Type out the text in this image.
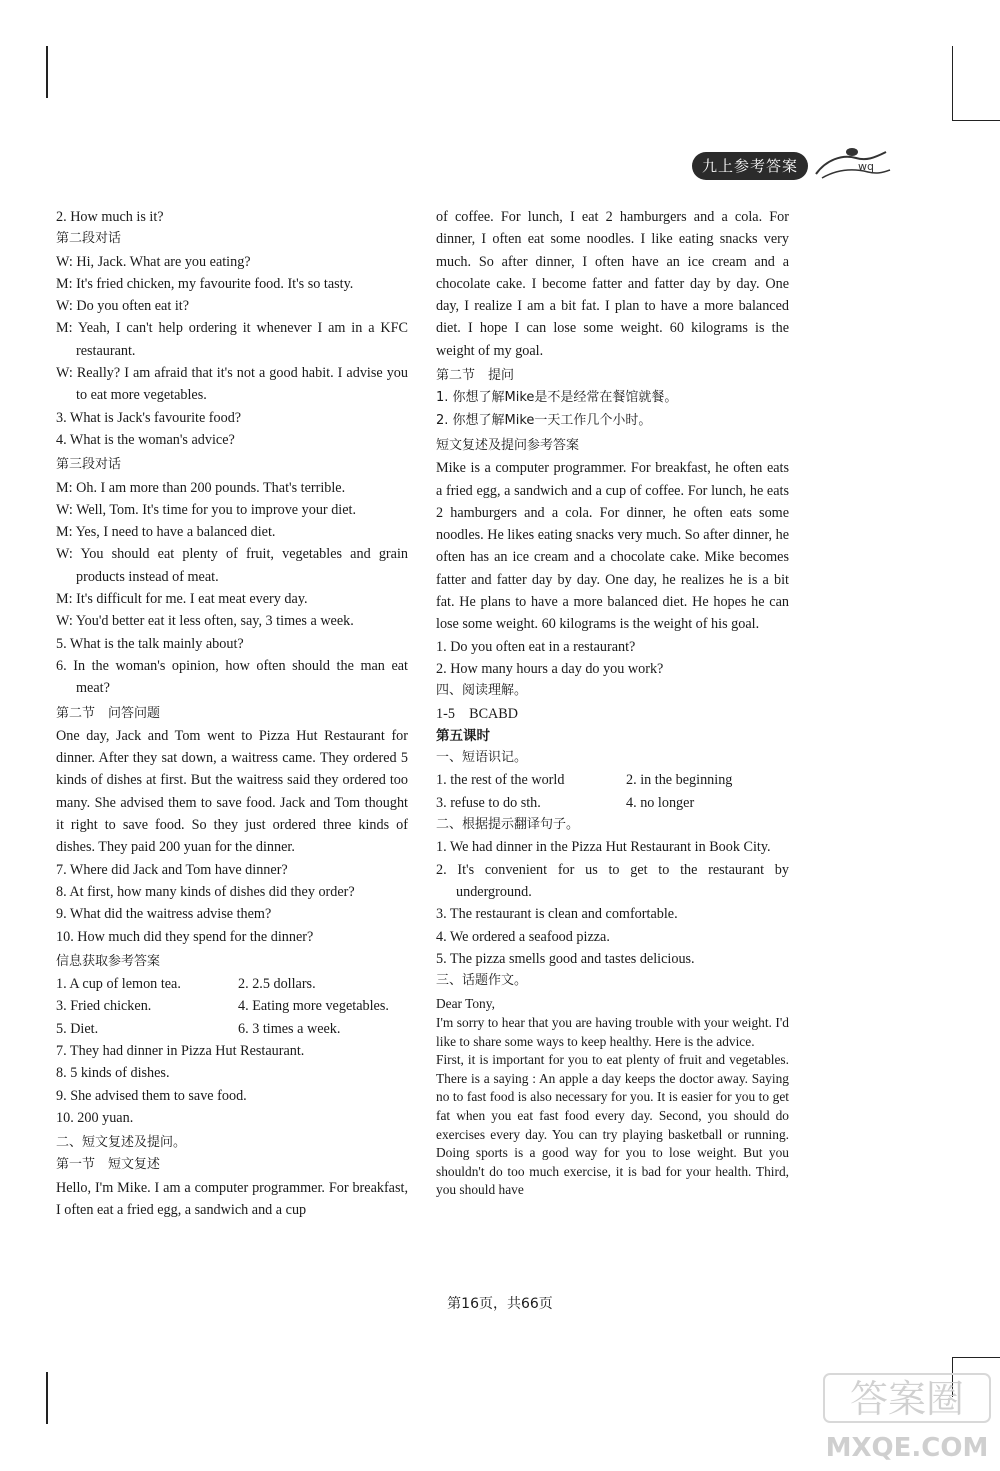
九上参考答案	wq

2. How much is it?

第二段对话

W: Hi, Jack. What are you eating?

M: It's fried chicken, my favourite food. It's so tasty.

W: Do you often eat it?

M: Yeah, I can't help ordering it whenever I am in a KFC restaurant.

W: Really? I am afraid that it's not a good habit. I advise you to eat more vegetables.

3. What is Jack's favourite food?

4. What is the woman's advice?

第三段对话

M: Oh. I am more than 200 pounds. That's terrible.

W: Well, Tom. It's time for you to improve your diet.

M: Yes, I need to have a balanced diet.

W: You should eat plenty of fruit, vegetables and grain products instead of meat.

M: It's difficult for me. I eat meat every day.

W: You'd better eat it less often, say, 3 times a week.

5. What is the talk mainly about?

6. In the woman's opinion, how often should the man eat meat?

第二节　问答问题

One day, Jack and Tom went to Pizza Hut Restaurant for dinner. After they sat down, a waitress came. They ordered 5 kinds of dishes at first. But the waitress said they ordered too many. She advised them to save food. Jack and Tom thought it right to save food. So they just ordered three kinds of dishes. They paid 200 yuan for the dinner.

7. Where did Jack and Tom have dinner?

8. At first, how many kinds of dishes did they order?

9. What did the waitress advise them?

10. How much did they spend for the dinner?

信息获取参考答案

1. A cup of lemon tea.	2. 2.5 dollars.
3. Fried chicken.	4. Eating more vegetables.
5. Diet.	6. 3 times a week.

7. They had dinner in Pizza Hut Restaurant.

8. 5 kinds of dishes.

9. She advised them to save food.

10. 200 yuan.

二、短文复述及提问。

第一节　短文复述

Hello, I'm Mike. I am a computer programmer. For breakfast, I often eat a fried egg, a sandwich and a cup

of coffee. For lunch, I eat 2 hamburgers and a cola. For dinner, I often eat some noodles. I like eating snacks very much. So after dinner, I often have an ice cream and a chocolate cake. I become fatter and fatter day by day. One day, I realize I am a bit fat. I plan to have a more balanced diet. I hope I can lose some weight. 60 kilograms is the weight of my goal.

第二节　提问

1. 你想了解Mike是不是经常在餐馆就餐。

2. 你想了解Mike一天工作几个小时。

短文复述及提问参考答案

Mike is a computer programmer. For breakfast, he often eats a fried egg, a sandwich and a cup of coffee. For lunch, he eats 2 hamburgers and a cola. For dinner, he often eats some noodles. He likes eating snacks very much. So after dinner, he often has an ice cream and a chocolate cake. Mike becomes fatter and fatter day by day. One day, he realizes he is a bit fat. He plans to have a more balanced diet. He hopes he can lose some weight. 60 kilograms is the weight of his goal.

1. Do you often eat in a restaurant?

2. How many hours a day do you work?

四、阅读理解。

1-5　BCABD

第五课时

一、短语识记。

1. the rest of the world	2. in the beginning
3. refuse to do sth.	4. no longer

二、根据提示翻译句子。

1. We had dinner in the Pizza Hut Restaurant in Book City.

2. It's convenient for us to get to the restaurant by underground.

3. The restaurant is clean and comfortable.

4. We ordered a seafood pizza.

5. The pizza smells good and tastes delicious.

三、话题作文。

Dear Tony,

I'm sorry to hear that you are having trouble with your weight. I'd like to share some ways to keep healthy. Here is the advice.

First, it is important for you to eat plenty of fruit and vegetables. There is a saying : An apple a day keeps the doctor away. Saying no to fast food is also necessary for you. It is easier for you to get fat when you eat fast food every day. Second, you should do exercises every day. You can try playing basketball or running. Doing sports is a good way for you to lose weight. But you shouldn't do too much exercise, it is bad for your health. Third, you should have

第16页，共66页
答案圈
MXQE.COM
